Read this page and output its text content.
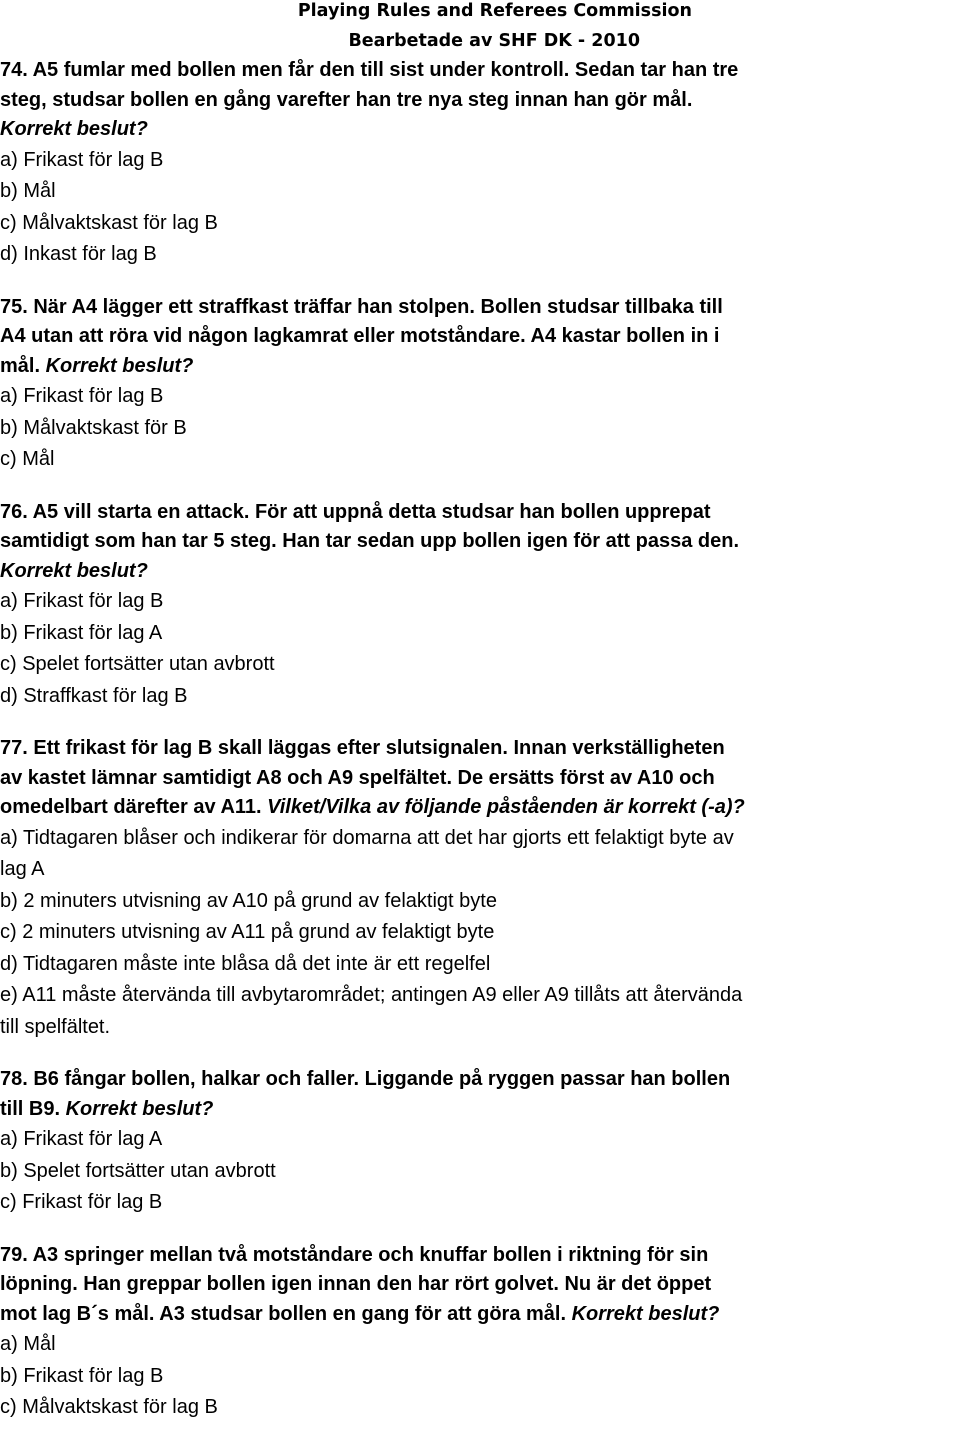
Playing Rules and Referees Commission
Bearbetade av SHF DK - 2010
74. A5 fumlar med bollen men får den till sist under kontroll. Sedan tar han tre
steg, studsar bollen en gång varefter han tre nya steg innan han gör mål.
Korrekt beslut?
a) Frikast för lag B
b) Mål
c) Målvaktskast för lag B
d) Inkast för lag B
75. När A4 lägger ett straffkast träffar han stolpen. Bollen studsar tillbaka till
A4 utan att röra vid någon lagkamrat eller motståndare. A4 kastar bollen in i
mål. Korrekt beslut?
a) Frikast för lag B
b) Målvaktskast för B
c) Mål
76. A5 vill starta en attack. För att uppnå detta studsar han bollen upprepat
samtidigt som han tar 5 steg. Han tar sedan upp bollen igen för att passa den.
Korrekt beslut?
a) Frikast för lag B
b) Frikast för lag A
c) Spelet fortsätter utan avbrott
d) Straffkast för lag B
77. Ett frikast för lag B skall läggas efter slutsignalen. Innan verkställigheten
av kastet lämnar samtidigt A8 och A9 spelfältet. De ersätts först av A10 och
omedelbart därefter av A11. Vilket/Vilka av följande påståenden är korrekt (-a)?
a) Tidtagaren blåser och indikerar för domarna att det har gjorts ett felaktigt byte av
lag A
b) 2 minuters utvisning av A10 på grund av felaktigt byte
c) 2 minuters utvisning av A11 på grund av felaktigt byte
d) Tidtagaren måste inte blåsa då det inte är ett regelfel
e) A11 måste återvända till avbytarområdet; antingen A9 eller A9 tillåts att återvända
till spelfältet.
78. B6 fångar bollen, halkar och faller. Liggande på ryggen passar han bollen
till B9. Korrekt beslut?
a) Frikast för lag A
b) Spelet fortsätter utan avbrott
c) Frikast för lag B
79. A3 springer mellan två motståndare och knuffar bollen i riktning för sin
löpning. Han greppar bollen igen innan den har rört golvet. Nu är det öppet
mot lag B´s mål. A3 studsar bollen en gang för att göra mål. Korrekt beslut?
a) Mål
b) Frikast för lag B
c) Målvaktskast för lag B
